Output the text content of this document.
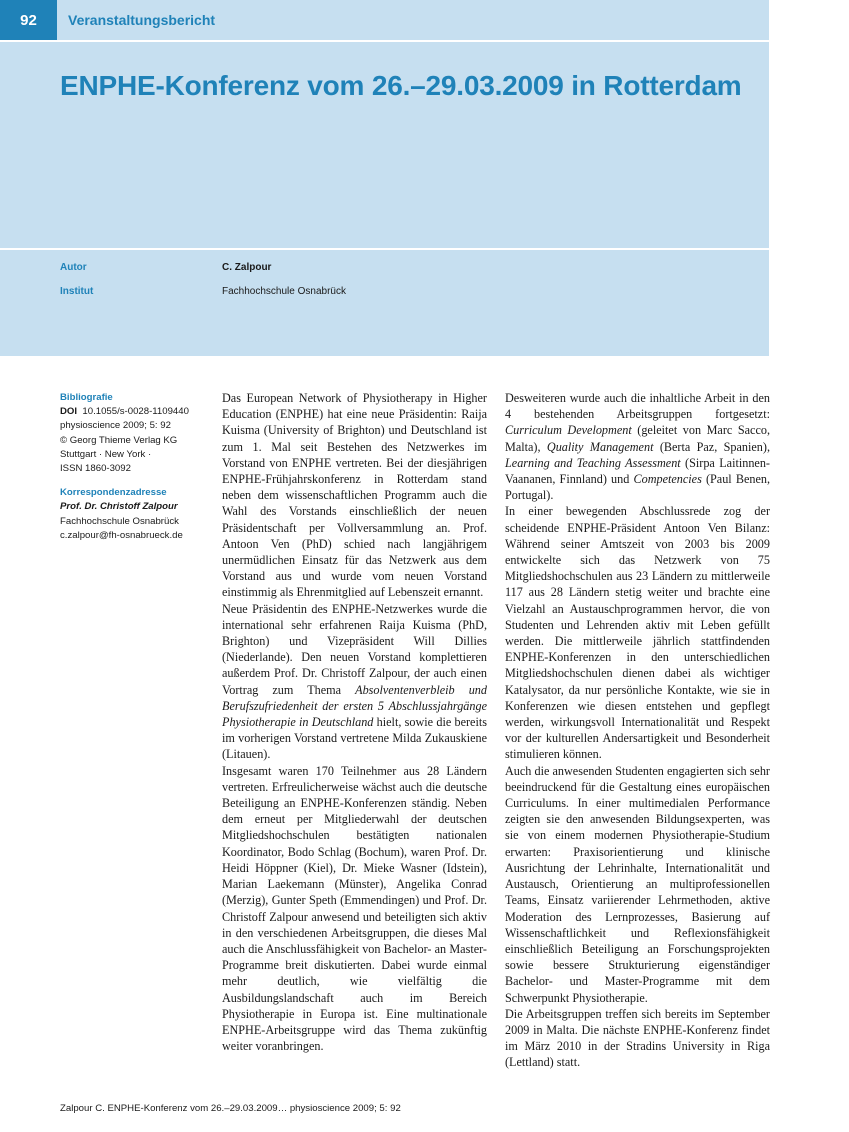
92	Veranstaltungsbericht
ENPHE-Konferenz vom 26.–29.03.2009 in Rotterdam
Autor	C. Zalpour
Institut	Fachhochschule Osnabrück
Bibliografie
DOI 10.1055/s-0028-1109440
physioscience 2009; 5: 92
© Georg Thieme Verlag KG
Stuttgart · New York ·
ISSN 1860-3092
Korrespondenzadresse
Prof. Dr. Christoff Zalpour
Fachhochschule Osnabrück
c.zalpour@fh-osnabrueck.de

Das European Network of Physiotherapy in Higher Education (ENPHE) hat eine neue Präsidentin: Raija Kuisma (University of Brighton) und Deutschland ist zum 1. Mal seit Bestehen des Netzwerkes im Vorstand von ENPHE vertreten. Bei der diesjährigen ENPHE-Frühjahrskonferenz in Rotterdam stand neben dem wissenschaftlichen Programm auch die Wahl des Vorstands einschließlich der neuen Präsidentschaft per Vollversammlung an. Prof. Antoon Ven (PhD) schied nach langjährigem unermüdlichen Einsatz für das Netzwerk aus dem Vorstand aus und wurde vom neuen Vorstand einstimmig als Ehrenmitglied auf Lebenszeit ernannt.

Neue Präsidentin des ENPHE-Netzwerkes wurde die international sehr erfahrenen Raija Kuisma (PhD, Brighton) und Vizepräsident Will Dillies (Niederlande). Den neuen Vorstand komplettieren außerdem Prof. Dr. Christoff Zalpour, der auch einen Vortrag zum Thema Absolventenverbleib und Berufszufriedenheit der ersten 5 Abschlussjahrgänge Physiotherapie in Deutschland hielt, sowie die bereits im vorherigen Vorstand vertretene Milda Zukauskiene (Litauen).

Insgesamt waren 170 Teilnehmer aus 28 Ländern vertreten. Erfreulicherweise wächst auch die deutsche Beteiligung an ENPHE-Konferenzen ständig. Neben dem erneut per Mitgliederwahl der deutschen Mitgliedshochschulen bestätigten nationalen Koordinator, Bodo Schlag (Bochum), waren Prof. Dr. Heidi Höppner (Kiel), Dr. Mieke Wasner (Idstein), Marian Laekemann (Münster), Angelika Conrad (Merzig), Gunter Speth (Emmendingen) und Prof. Dr. Christoff Zalpour anwesend und beteiligten sich aktiv in den verschiedenen Arbeitsgruppen, die dieses Mal auch die Anschlussfähigkeit von Bachelor- an Master-Programme breit diskutierten. Dabei wurde einmal mehr deutlich, wie vielfältig die Ausbildungslandschaft auch im Bereich Physiotherapie in Europa ist. Eine multinationale ENPHE-Arbeitsgruppe wird das Thema zukünftig weiter voranbringen.

Desweiteren wurde auch die inhaltliche Arbeit in den 4 bestehenden Arbeitsgruppen fortgesetzt: Curriculum Development (geleitet von Marc Sacco, Malta), Quality Management (Berta Paz, Spanien), Learning and Teaching Assessment (Sirpa Laitinnen-Vaananen, Finnland) und Competencies (Paul Benen, Portugal).

In einer bewegenden Abschlussrede zog der scheidende ENPHE-Präsident Antoon Ven Bilanz: Während seiner Amtszeit von 2003 bis 2009 entwickelte sich das Netzwerk von 75 Mitgliedshochschulen aus 23 Ländern zu mittlerweile 117 aus 28 Ländern stetig weiter und brachte eine Vielzahl an Austauschprogrammen hervor, die von Studenten und Lehrenden aktiv mit Leben gefüllt werden. Die mittlerweile jährlich stattfindenden ENPHE-Konferenzen in den unterschiedlichen Mitgliedshochschulen dienen dabei als wichtiger Katalysator, da nur persönliche Kontakte, wie sie in Konferenzen wie diesen entstehen und gepflegt werden, wirkungsvoll Internationalität und Respekt vor der kulturellen Andersartigkeit und Besonderheit stimulieren können.

Auch die anwesenden Studenten engagierten sich sehr beeindruckend für die Gestaltung eines europäischen Curriculums. In einer multimedialen Performance zeigten sie den anwesenden Bildungsexperten, was sie von einem modernen Physiotherapie-Studium erwarten: Praxisorientierung und klinische Ausrichtung der Lehrinhalte, Internationalität und Austausch, Orientierung an multiprofessionellen Teams, Einsatz variierender Lehrmethoden, aktive Moderation des Lernprozesses, Basierung auf Wissenschaftlichkeit und Reflexionsfähigkeit einschließlich Beteiligung an Forschungsprojekten sowie bessere Strukturierung eigenständiger Bachelor- und Master-Programme mit dem Schwerpunkt Physiotherapie.

Die Arbeitsgruppen treffen sich bereits im September 2009 in Malta. Die nächste ENPHE-Konferenz findet im März 2010 in der Stradins University in Riga (Lettland) statt.

Zalpour C. ENPHE-Konferenz vom 26.–29.03.2009… physioscience 2009; 5: 92
